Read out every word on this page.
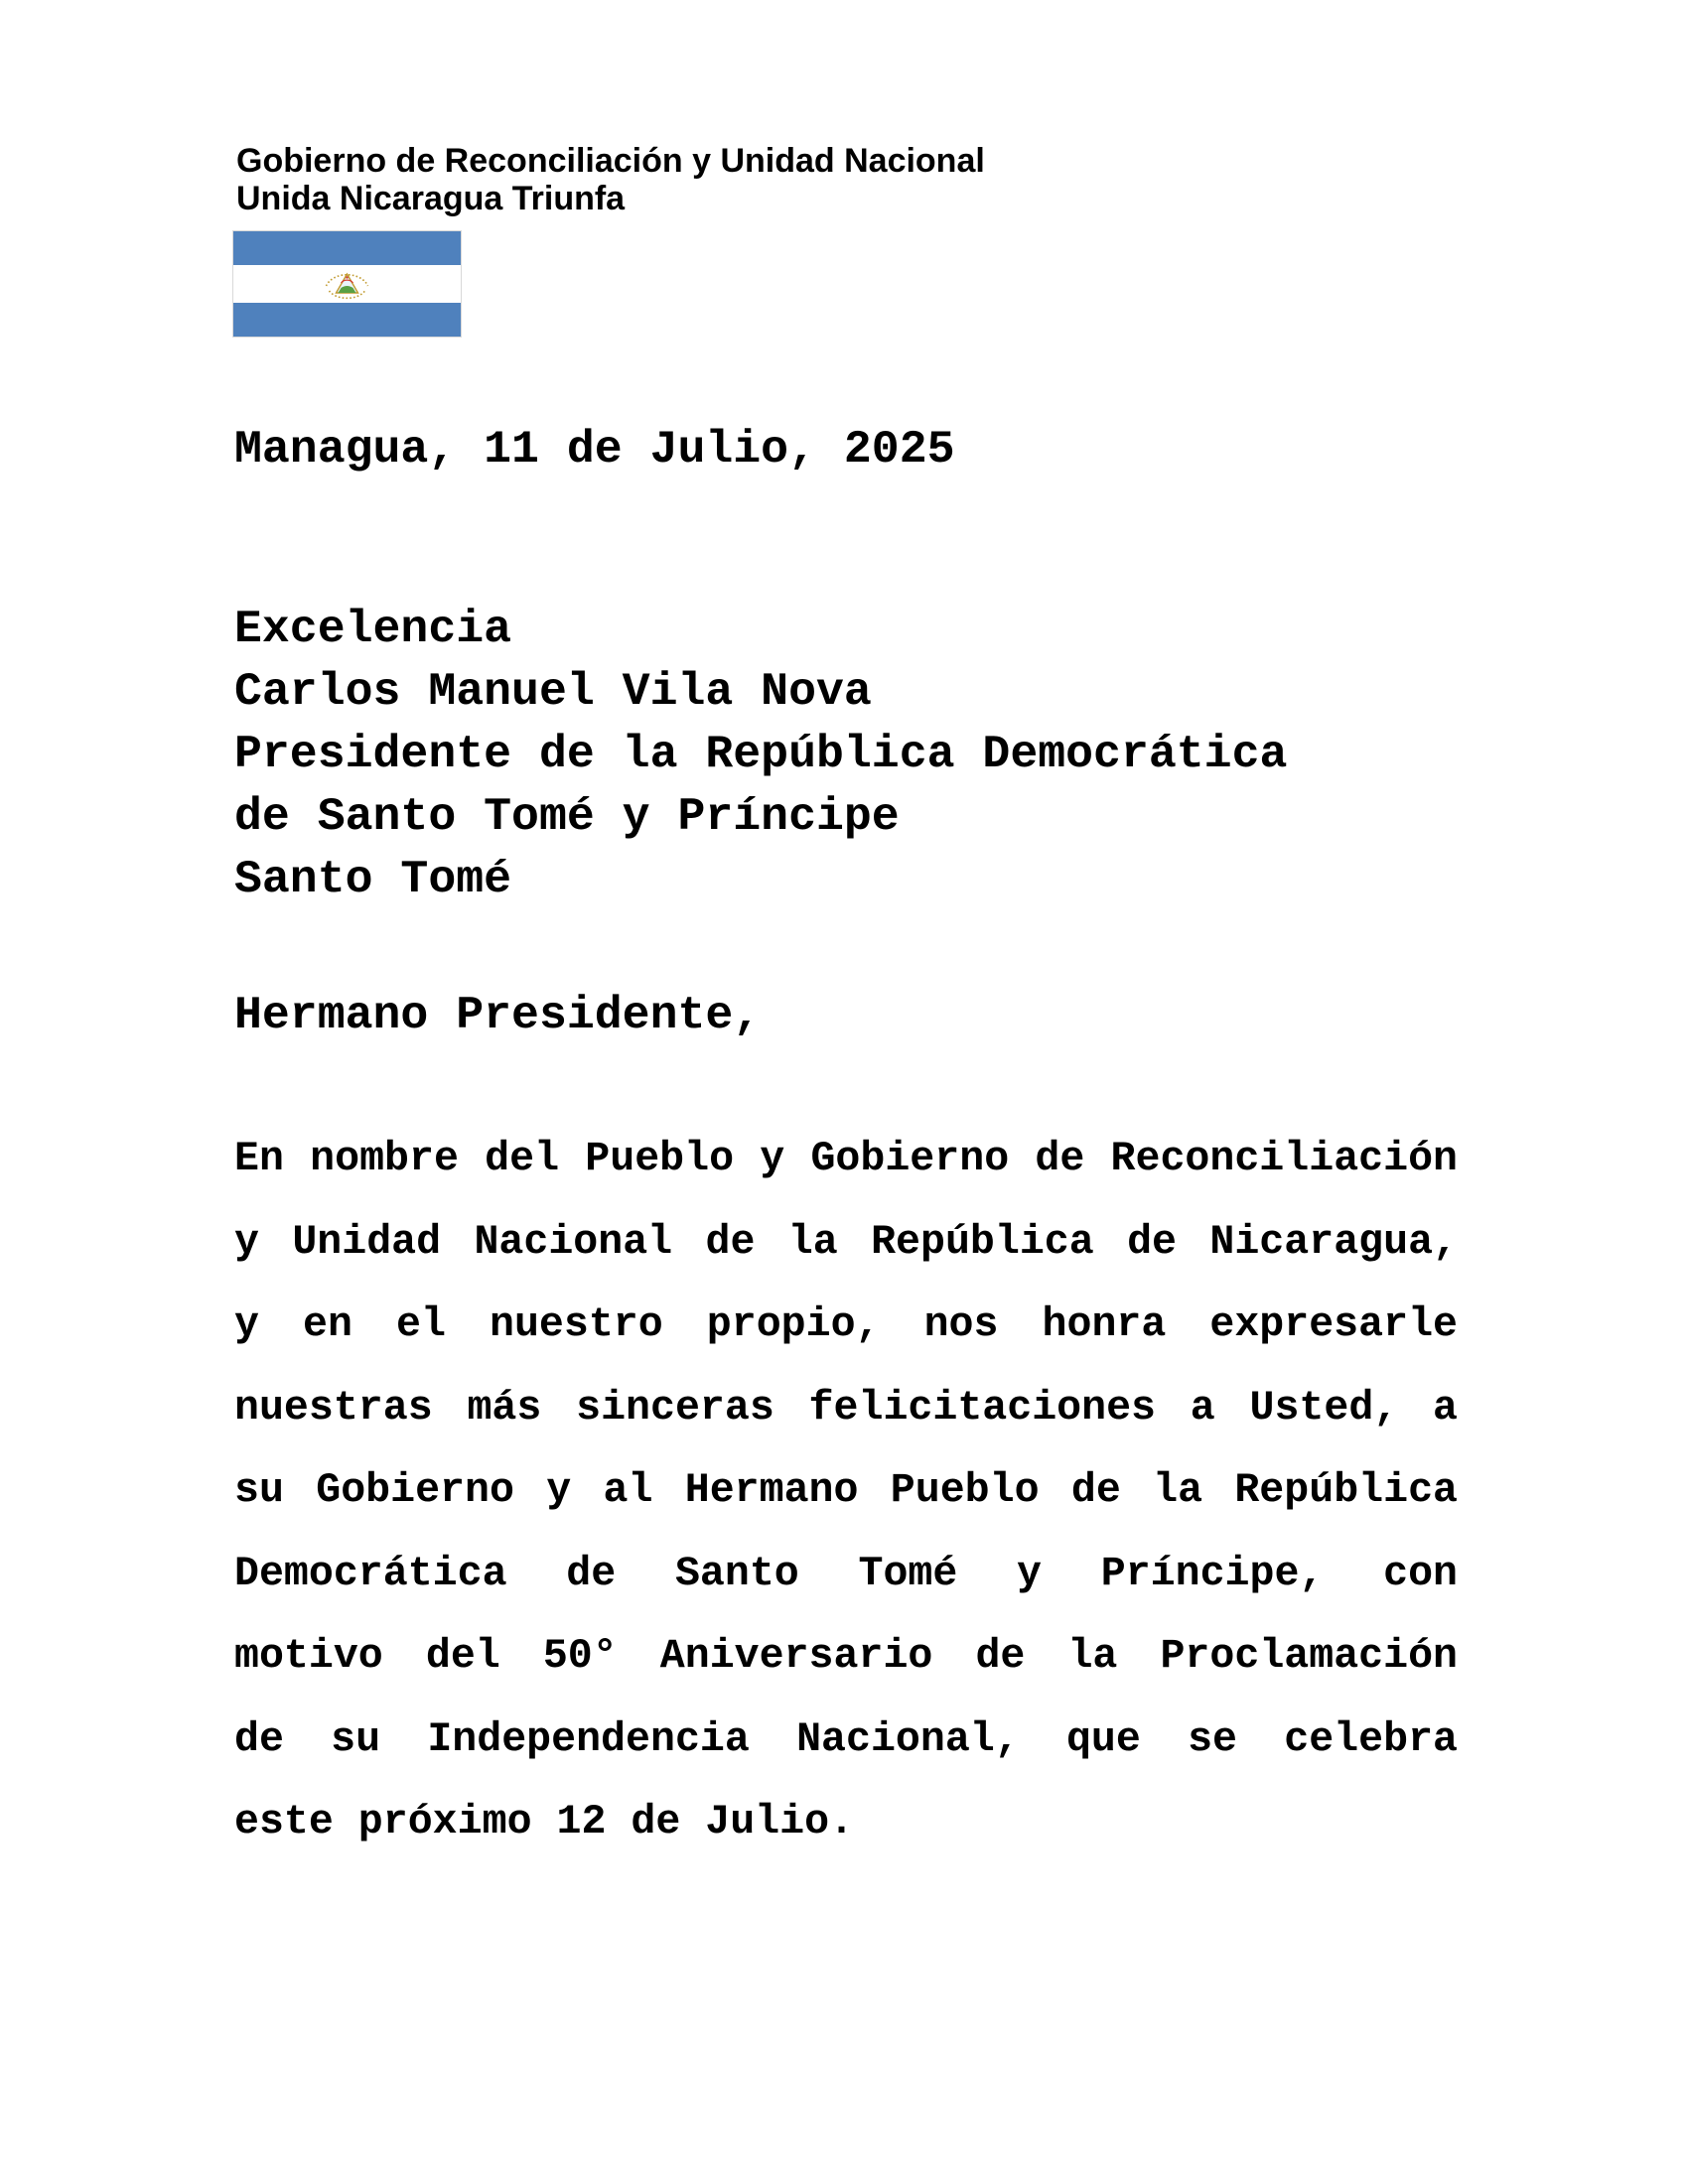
Gobierno de Reconciliación y Unidad Nacional
Unida Nicaragua Triunfa
Managua, 11 de Julio, 2025
Excelencia
Carlos Manuel Vila Nova
Presidente de la República Democrática
de Santo Tomé y Príncipe
Santo Tomé
Hermano Presidente,
En nombre del Pueblo y Gobierno de Reconciliación
y Unidad Nacional de la República de Nicaragua,
y en el nuestro propio, nos honra expresarle
nuestras más sinceras felicitaciones a Usted, a
su Gobierno y al Hermano Pueblo de la República
Democrática de Santo Tomé y Príncipe, con
motivo del 50° Aniversario de la Proclamación
de su Independencia Nacional, que se celebra
este próximo 12 de Julio.
